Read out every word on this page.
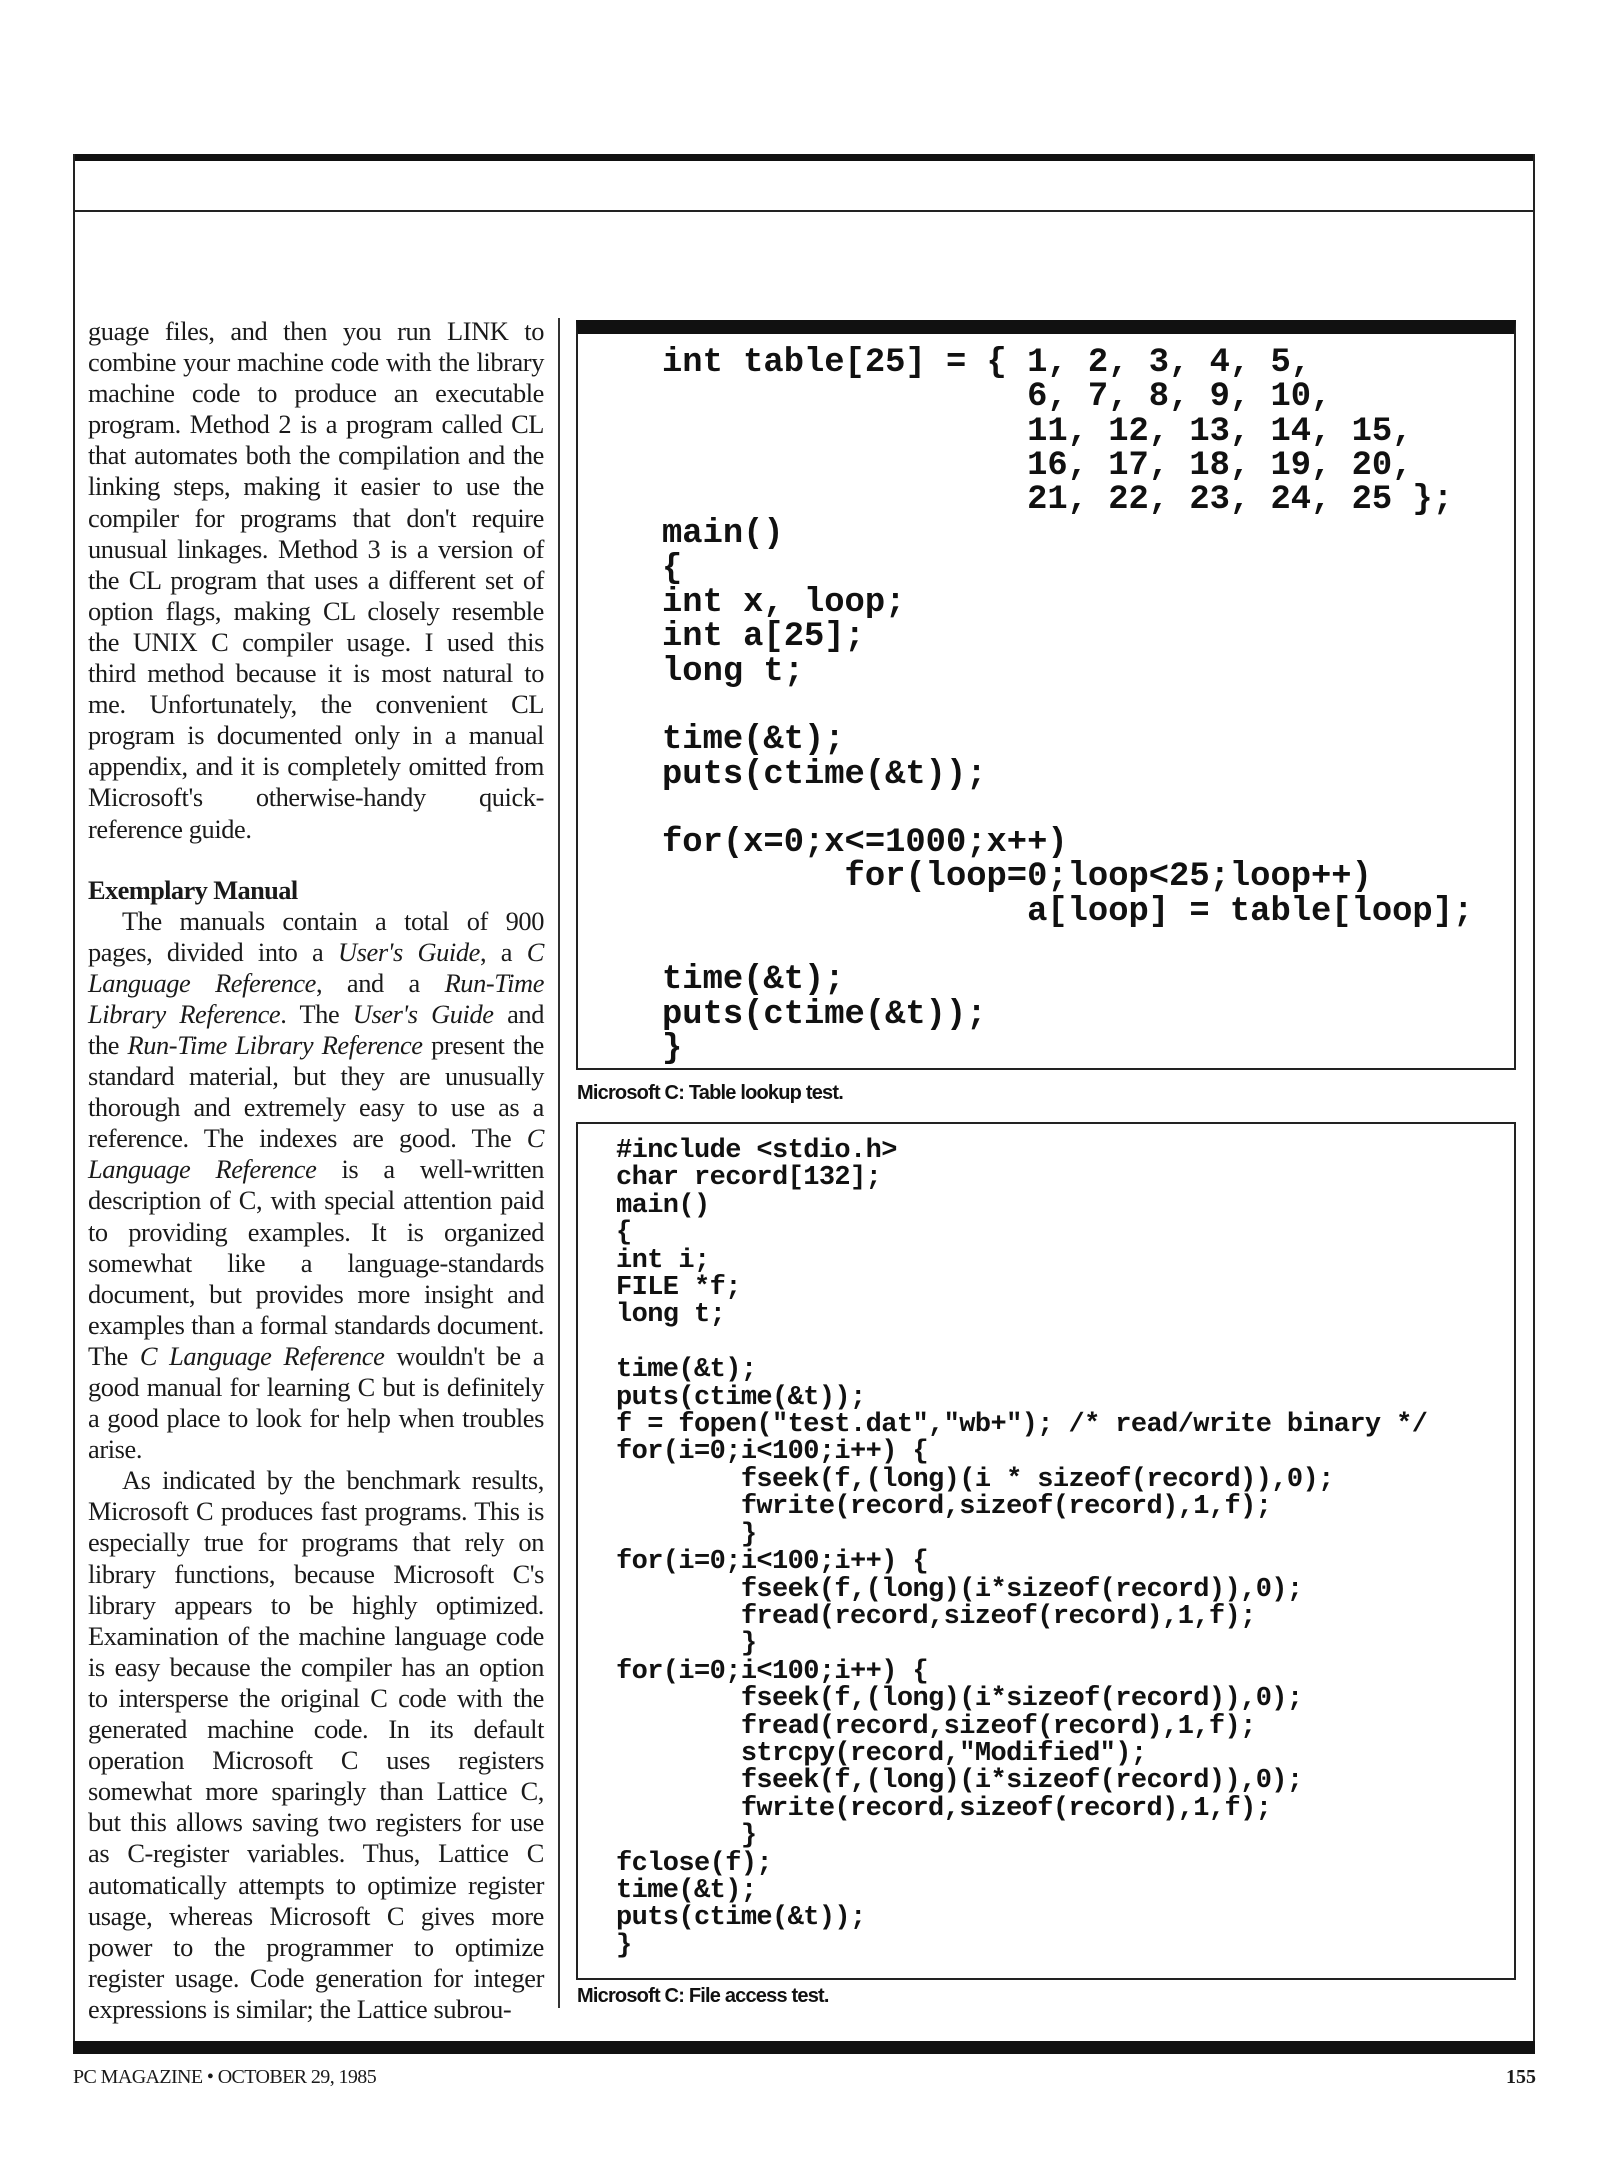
guage files, and then you run LINK to combine your machine code with the library machine code to produce an executable program. Method 2 is a program called CL that automates both the compilation and the linking steps, making it easier to use the compiler for programs that don't require unusual linkages. Method 3 is a version of the CL program that uses a different set of option flags, making CL closely resemble the UNIX C compiler usage. I used this third method because it is most natural to me. Unfortunately, the convenient CL program is documented only in a manual appendix, and it is completely omitted from Microsoft's otherwise-handy quick-reference guide.

Exemplary Manual

The manuals contain a total of 900 pages, divided into a User's Guide, a C Language Reference, and a Run-Time Library Reference. The User's Guide and the Run-Time Library Reference present the standard material, but they are unusually thorough and extremely easy to use as a reference. The indexes are good. The C Language Reference is a well-written description of C, with special attention paid to providing examples. It is organized somewhat like a language-standards document, but provides more insight and examples than a formal standards document. The C Language Reference wouldn't be a good manual for learning C but is definitely a good place to look for help when troubles arise.

As indicated by the benchmark results, Microsoft C produces fast programs. This is especially true for programs that rely on library functions, because Microsoft C's library appears to be highly optimized. Examination of the machine language code is easy because the compiler has an option to intersperse the original C code with the generated machine code. In its default operation Microsoft C uses registers somewhat more sparingly than Lattice C, but this allows saving two registers for use as C-register variables. Thus, Lattice C automatically attempts to optimize register usage, whereas Microsoft C gives more power to the programmer to optimize register usage. Code generation for integer expressions is similar; the Lattice subrou-

int table[25] = { 1, 2, 3, 4, 5,
6, 7, 8, 9, 10,
11, 12, 13, 14, 15,
16, 17, 18, 19, 20,
21, 22, 23, 24, 25 };
main()
{
int x, loop;
int a[25];
long t;

time(&t);
puts(ctime(&t));

for(x=0;x<=1000;x++)
for(loop=0;loop<25;loop++)
a[loop] = table[loop];

time(&t);
puts(ctime(&t));
}
Microsoft C: Table lookup test.
#include <stdio.h>
char record[132];
main()
{
int i;
FILE *f;
long t;

time(&t);
puts(ctime(&t));
f = fopen("test.dat","wb+"); /* read/write binary */
for(i=0;i<100;i++) {
fseek(f,(long)(i * sizeof(record)),0);
fwrite(record,sizeof(record),1,f);
}
for(i=0;i<100;i++) {
fseek(f,(long)(i*sizeof(record)),0);
fread(record,sizeof(record),1,f);
}
for(i=0;i<100;i++) {
fseek(f,(long)(i*sizeof(record)),0);
fread(record,sizeof(record),1,f);
strcpy(record,"Modified");
fseek(f,(long)(i*sizeof(record)),0);
fwrite(record,sizeof(record),1,f);
}
fclose(f);
time(&t);
puts(ctime(&t));
}
Microsoft C: File access test.
PC MAGAZINE • OCTOBER 29, 1985	155
